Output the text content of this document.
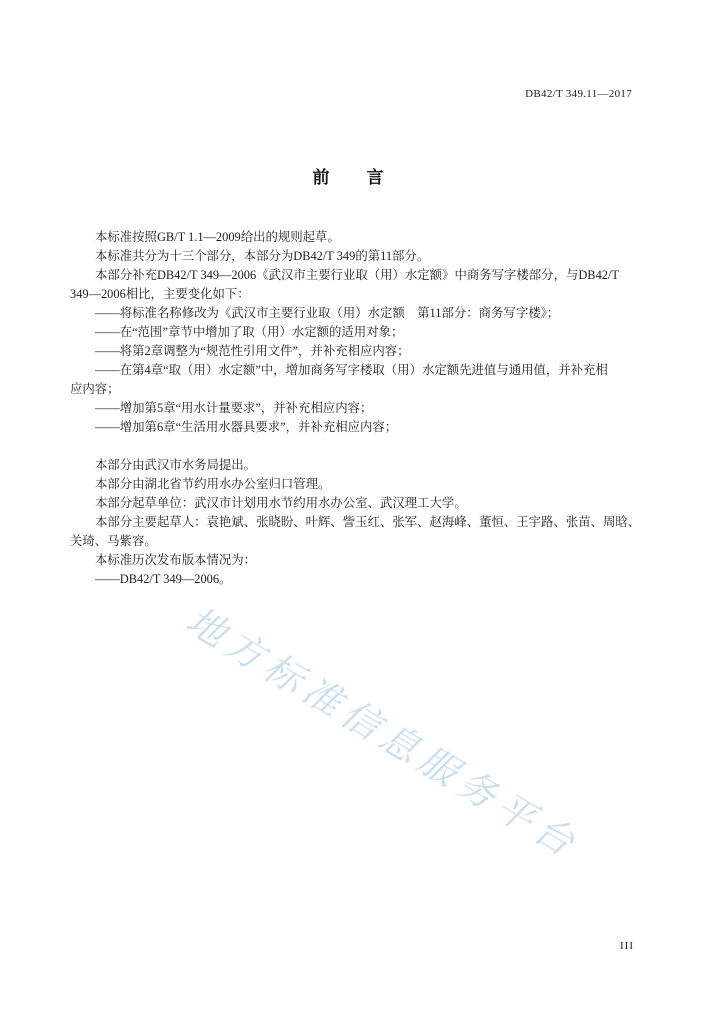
DB42/T 349.11—2017
前　言
地方标准信息服务平台
本标准按照GB/T 1.1—2009给出的规则起草。
本标准共分为十三个部分，本部分为DB42/T 349的第11部分。
本部分补充DB42/T 349—2006《武汉市主要行业取（用）水定额》中商务写字楼部分，与DB42/T
349—2006相比，主要变化如下：
——将标准名称修改为《武汉市主要行业取（用）水定额　第11部分：商务写字楼》；
——在“范围”章节中增加了取（用）水定额的适用对象；
——将第2章调整为“规范性引用文件”，并补充相应内容；
——在第4章“取（用）水定额”中，增加商务写字楼取（用）水定额先进值与通用值，并补充相
应内容；
——增加第5章“用水计量要求”，并补充相应内容；
——增加第6章“生活用水器具要求”，并补充相应内容；
本部分由武汉市水务局提出。
本部分由湖北省节约用水办公室归口管理。
本部分起草单位：武汉市计划用水节约用水办公室、武汉理工大学。
本部分主要起草人：袁艳斌、张晓盼、叶辉、訾玉红、张军、赵海峰、董恒、王宇路、张苗、周晗、
关琦、马紫容。
本标准历次发布版本情况为：
——DB42/T 349—2006。
III
